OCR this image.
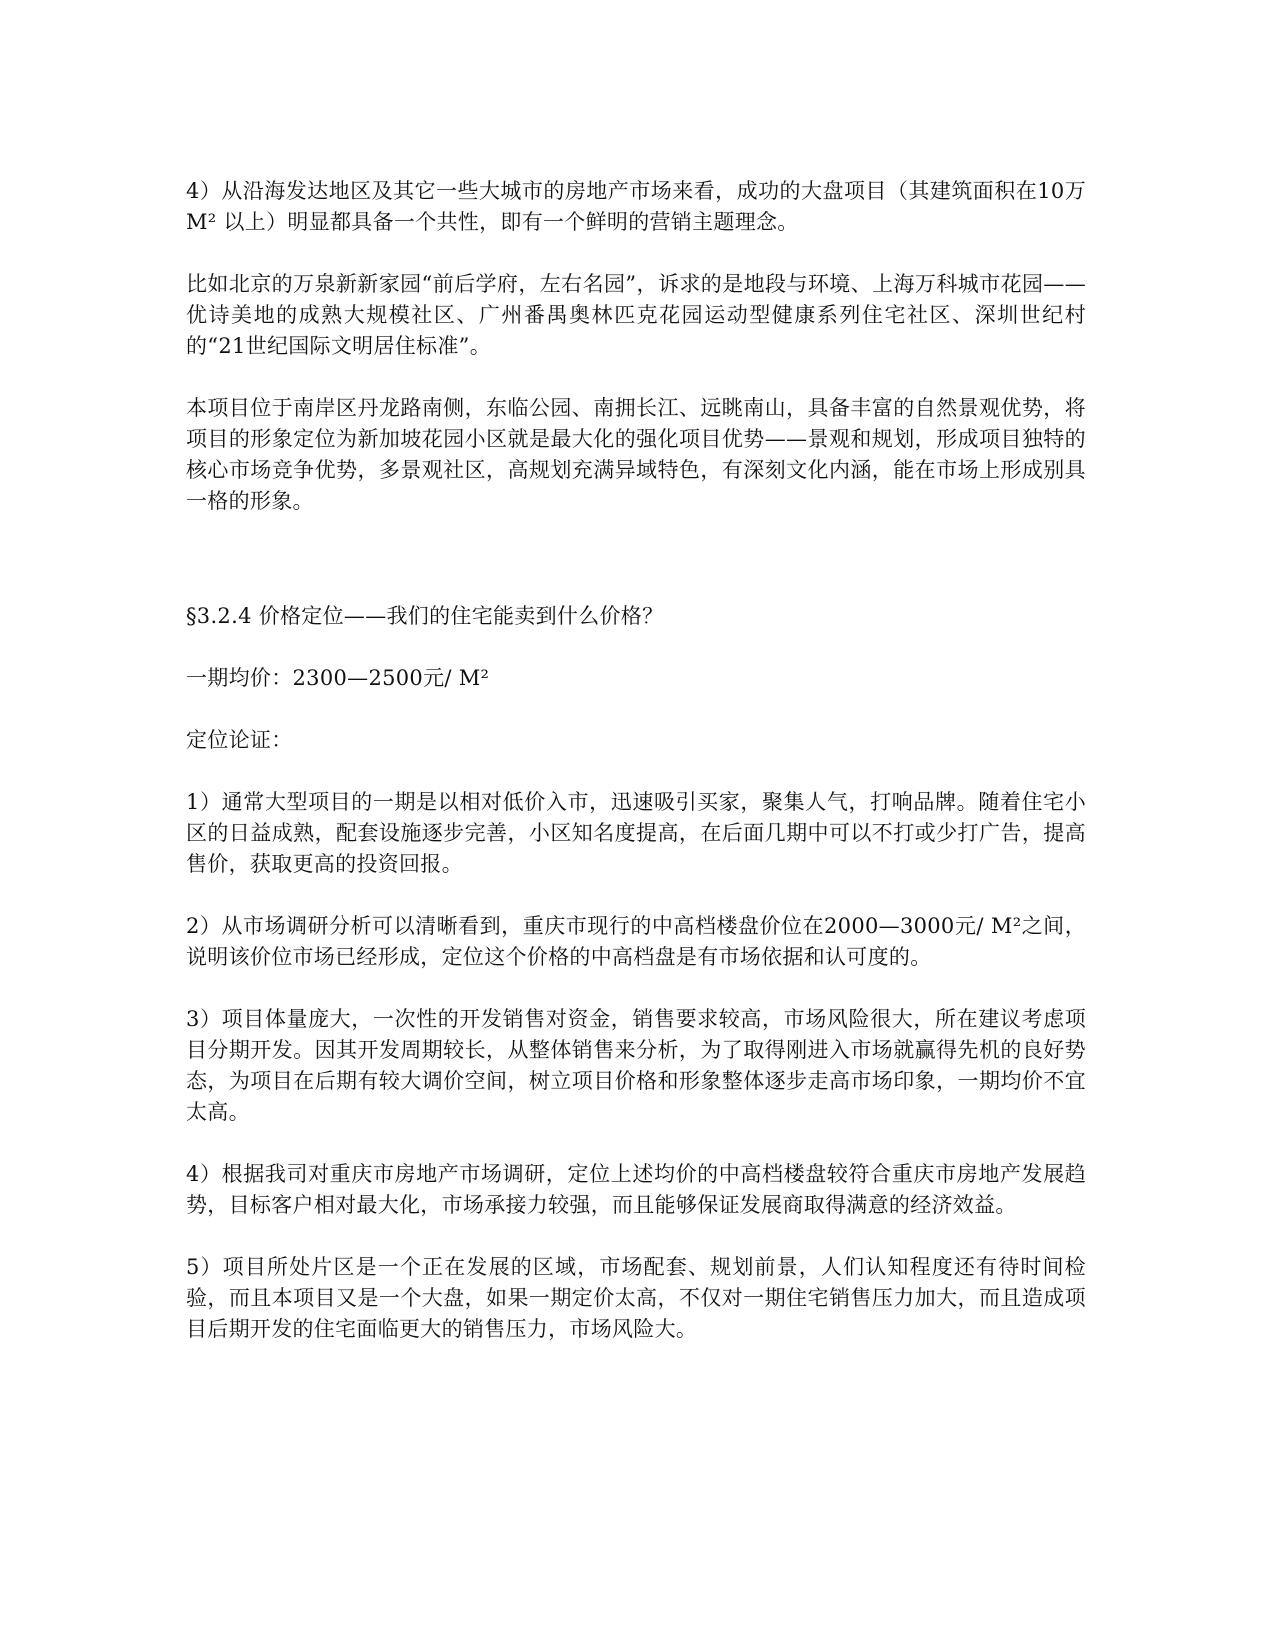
4）从沿海发达地区及其它一些大城市的房地产市场来看，成功的大盘项目（其建筑面积在10万M² 以上）明显都具备一个共性，即有一个鲜明的营销主题理念。

比如北京的万泉新新家园“前后学府，左右名园”，诉求的是地段与环境、上海万科城市花园——优诗美地的成熟大规模社区、广州番禺奥林匹克花园运动型健康系列住宅社区、深圳世纪村的“21世纪国际文明居住标准”。

本项目位于南岸区丹龙路南侧，东临公园、南拥长江、远眺南山，具备丰富的自然景观优势，将项目的形象定位为新加坡花园小区就是最大化的强化项目优势——景观和规划，形成项目独特的核心市场竞争优势，多景观社区，高规划充满异域特色，有深刻文化内涵，能在市场上形成别具一格的形象。

§3.2.4 价格定位——我们的住宅能卖到什么价格？

一期均价：2300—2500元/ M²

定位论证：

1）通常大型项目的一期是以相对低价入市，迅速吸引买家，聚集人气，打响品牌。随着住宅小区的日益成熟，配套设施逐步完善，小区知名度提高，在后面几期中可以不打或少打广告，提高售价，获取更高的投资回报。

2）从市场调研分析可以清晰看到，重庆市现行的中高档楼盘价位在2000—3000元/ M²之间，说明该价位市场已经形成，定位这个价格的中高档盘是有市场依据和认可度的。

3）项目体量庞大，一次性的开发销售对资金，销售要求较高，市场风险很大，所在建议考虑项目分期开发。因其开发周期较长，从整体销售来分析，为了取得刚进入市场就赢得先机的良好势态，为项目在后期有较大调价空间，树立项目价格和形象整体逐步走高市场印象，一期均价不宜太高。

4）根据我司对重庆市房地产市场调研，定位上述均价的中高档楼盘较符合重庆市房地产发展趋势，目标客户相对最大化，市场承接力较强，而且能够保证发展商取得满意的经济效益。

5）项目所处片区是一个正在发展的区域，市场配套、规划前景，人们认知程度还有待时间检验，而且本项目又是一个大盘，如果一期定价太高，不仅对一期住宅销售压力加大，而且造成项目后期开发的住宅面临更大的销售压力，市场风险大。
